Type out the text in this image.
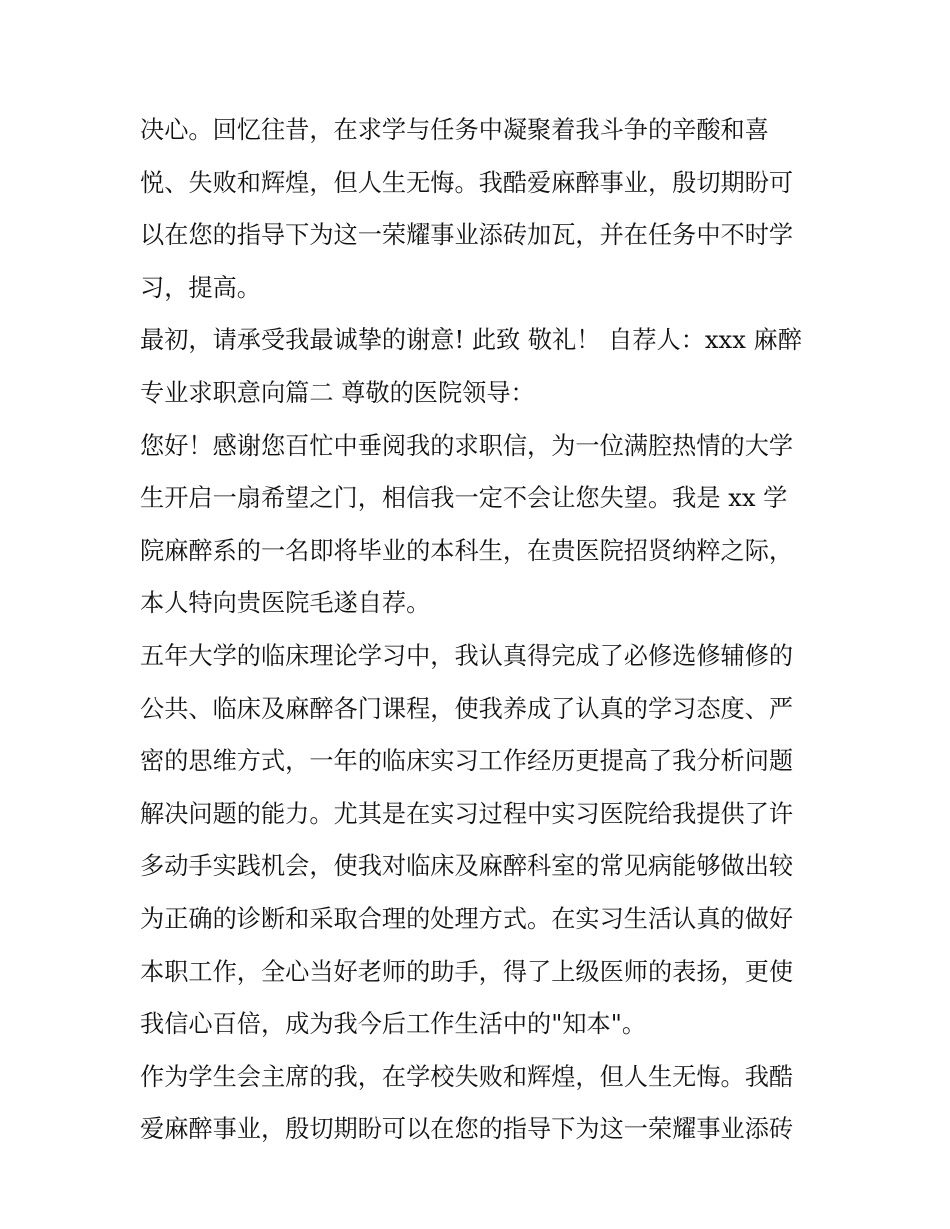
决心。回忆往昔，在求学与任务中凝聚着我斗争的辛酸和喜
悦、失败和辉煌，但人生无悔。我酷爱麻醉事业，殷切期盼可
以在您的指导下为这一荣耀事业添砖加瓦，并在任务中不时学
习，提高。
最初，请承受我最诚挚的谢意! 此致 敬礼！ 自荐人：xxx 麻醉
专业求职意向篇二 尊敬的医院领导：
您好！感谢您百忙中垂阅我的求职信，为一位满腔热情的大学
生开启一扇希望之门，相信我一定不会让您失望。我是 xx 学
院麻醉系的一名即将毕业的本科生，在贵医院招贤纳粹之际，
本人特向贵医院毛遂自荐。
五年大学的临床理论学习中，我认真得完成了必修选修辅修的
公共、临床及麻醉各门课程，使我养成了认真的学习态度、严
密的思维方式，一年的临床实习工作经历更提高了我分析问题
解决问题的能力。尤其是在实习过程中实习医院给我提供了许
多动手实践机会，使我对临床及麻醉科室的常见病能够做出较
为正确的诊断和采取合理的处理方式。在实习生活认真的做好
本职工作，全心当好老师的助手，得了上级医师的表扬，更使
我信心百倍，成为我今后工作生活中的"知本"。
作为学生会主席的我，在学校失败和辉煌，但人生无悔。我酷
爱麻醉事业，殷切期盼可以在您的指导下为这一荣耀事业添砖
